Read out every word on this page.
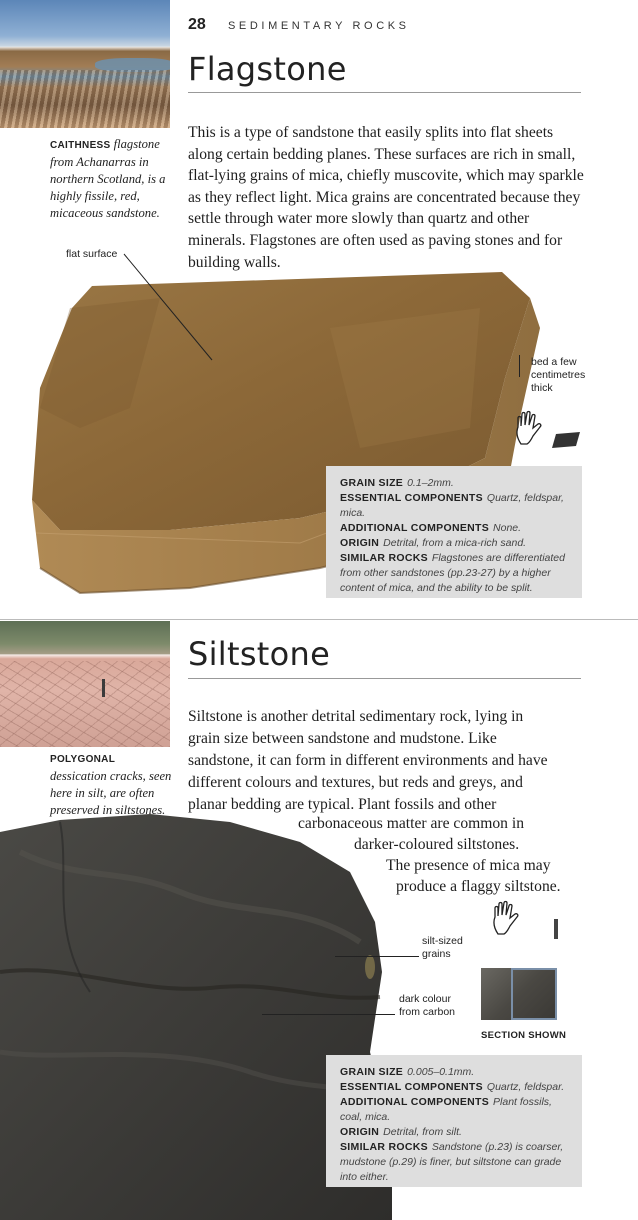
28 SEDIMENTARY ROCKS
Flagstone
CAITHNESS flagstone from Achanarras in northern Scotland, is a highly fissile, red, micaceous sandstone.
This is a type of sandstone that easily splits into flat sheets along certain bedding planes. These surfaces are rich in small, flat-lying grains of mica, chiefly muscovite, which may sparkle as they reflect light. Mica grains are concentrated because they settle through water more slowly than quartz and other minerals. Flagstones are often used as paving stones and for building walls.
flat surface
bed a few centimetres thick
GRAIN SIZE 0.1–2mm.
ESSENTIAL COMPONENTS Quartz, feldspar, mica.
ADDITIONAL COMPONENTS None.
ORIGIN Detrital, from a mica-rich sand.
SIMILAR ROCKS Flagstones are differentiated from other sandstones (pp.23-27) by a higher content of mica, and the ability to be split.
Siltstone
POLYGONAL dessication cracks, seen here in silt, are often preserved in siltstones.
Siltstone is another detrital sedimentary rock, lying in
grain size between sandstone and mudstone. Like
sandstone, it can form in different environments and have
different colours and textures, but reds and greys, and
planar bedding are typical. Plant fossils and other
carbonaceous matter are common in
darker-coloured siltstones.
The presence of mica may
produce a flaggy siltstone.
silt-sized grains
dark colour from carbon
SECTION SHOWN
GRAIN SIZE 0.005–0.1mm.
ESSENTIAL COMPONENTS Quartz, feldspar.
ADDITIONAL COMPONENTS Plant fossils, coal, mica.
ORIGIN Detrital, from silt.
SIMILAR ROCKS Sandstone (p.23) is coarser, mudstone (p.29) is finer, but siltstone can grade into either.
